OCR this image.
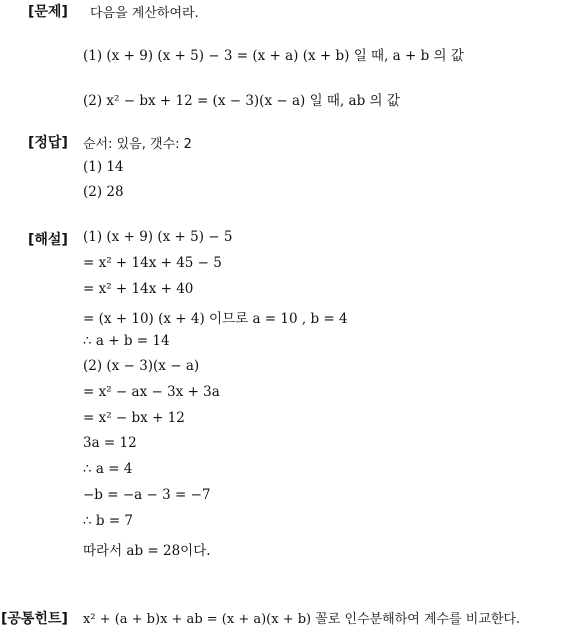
[문제] 다음을 계산하여라.
(1) (x + 9) (x + 5) − 3 = (x + a) (x + b) 일 때, a + b 의 값
(2) x² − bx + 12 = (x − 3)(x − a) 일 때, ab 의 값
[정답] 순서: 있음, 갯수: 2
(1) 14
(2) 28
[해설] (1) (x + 9) (x + 5) − 5
= x² + 14x + 45 − 5
= x² + 14x + 40
= (x + 10) (x + 4) 이므로 a = 10 , b = 4
∴ a + b = 14
(2) (x − 3)(x − a)
= x² − ax − 3x + 3a
= x² − bx + 12
3a = 12
∴ a = 4
−b = −a − 3 = −7
∴ b = 7
따라서 ab = 28이다.
[공통힌트] x² + (a + b)x + ab = (x + a)(x + b) 꼴로 인수분해하여 계수를 비교한다.
